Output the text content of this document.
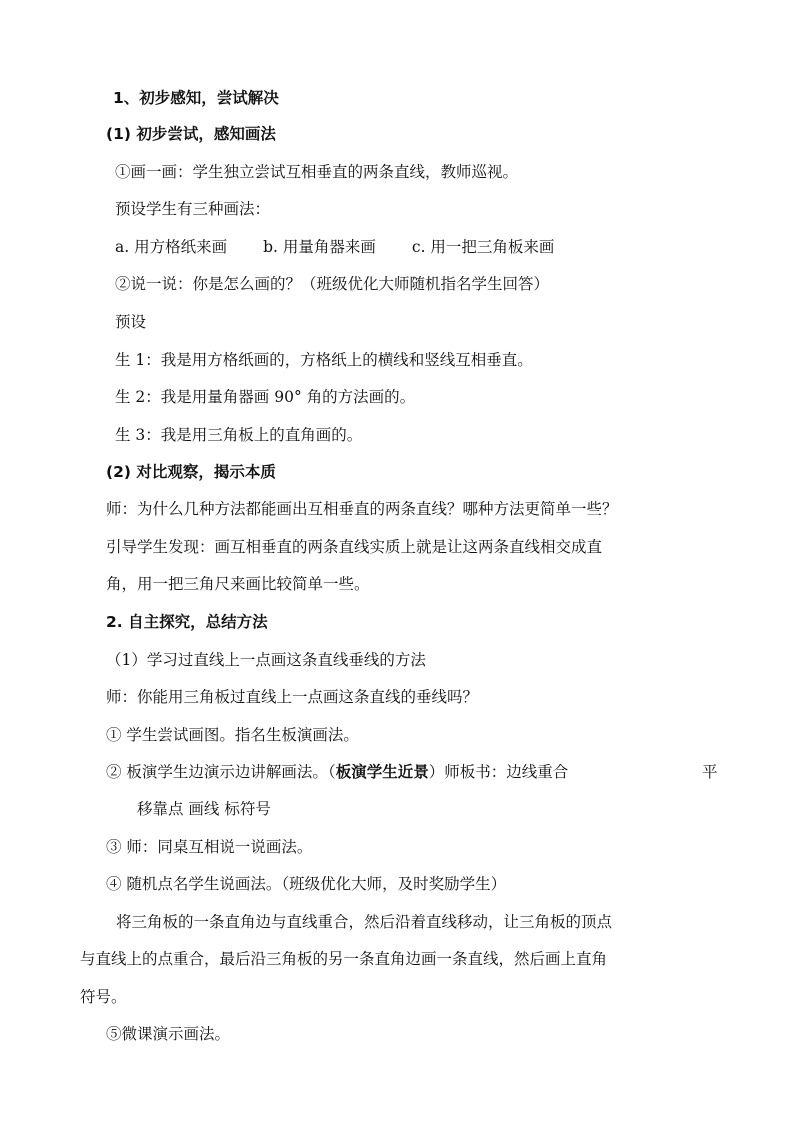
1、初步感知，尝试解决
(1) 初步尝试，感知画法
①画一画：学生独立尝试互相垂直的两条直线，教师巡视。
预设学生有三种画法：
a. 用方格纸来画 b. 用量角器来画 c. 用一把三角板来画
②说一说：你是怎么画的？（班级优化大师随机指名学生回答）
预设
生 1：我是用方格纸画的，方格纸上的横线和竖线互相垂直。
生 2：我是用量角器画 90° 角的方法画的。
生 3：我是用三角板上的直角画的。
(2) 对比观察，揭示本质
师：为什么几种方法都能画出互相垂直的两条直线？哪种方法更简单一些？
引导学生发现：画互相垂直的两条直线实质上就是让这两条直线相交成直
角，用一把三角尺来画比较简单一些。
2. 自主探究，总结方法
（1）学习过直线上一点画这条直线垂线的方法
师：你能用三角板过直线上一点画这条直线的垂线吗？
① 学生尝试画图。指名生板演画法。
② 板演学生边演示边讲解画法。（板演学生近景）师板书：边线重合	平
移靠点 画线 标符号
③ 师：同桌互相说一说画法。
④ 随机点名学生说画法。（班级优化大师，及时奖励学生）
将三角板的一条直角边与直线重合，然后沿着直线移动，让三角板的顶点
与直线上的点重合，最后沿三角板的另一条直角边画一条直线，然后画上直角
符号。
⑤微课演示画法。
